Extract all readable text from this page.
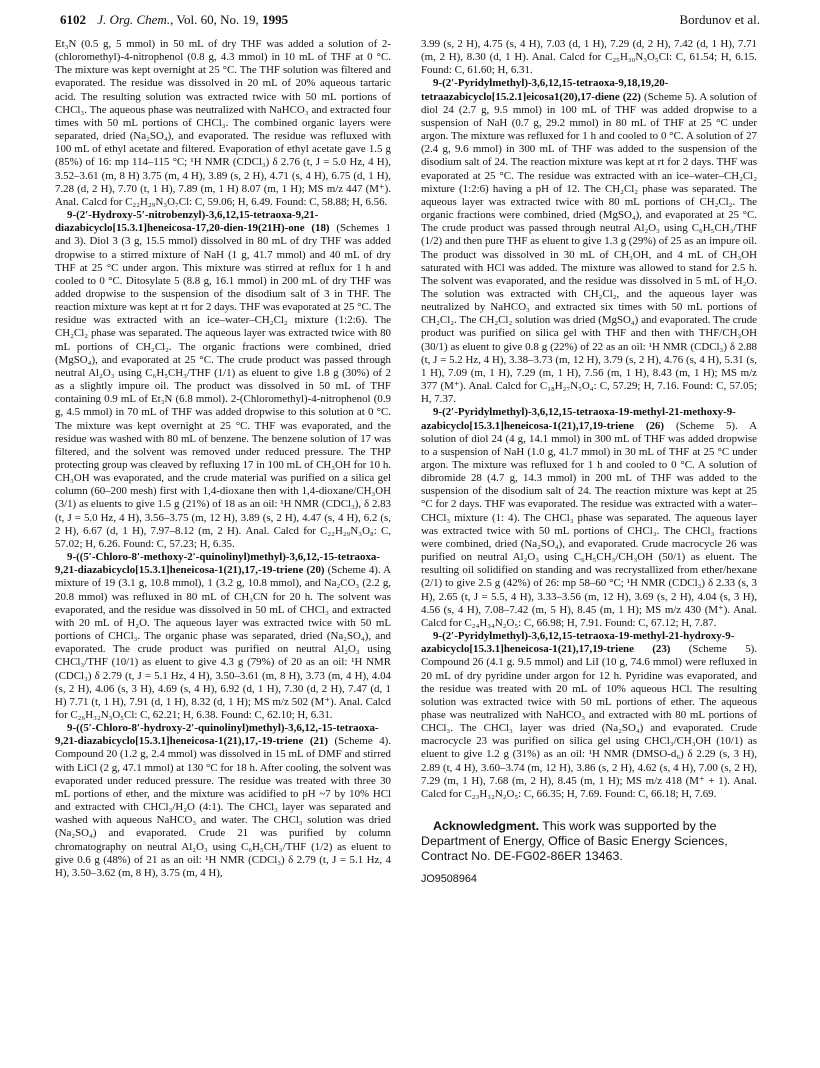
6102 J. Org. Chem., Vol. 60, No. 19, 1995	Bordunov et al.

Et₃N (0.5 g, 5 mmol) in 50 mL of dry THF was added a solution of 2-(chloromethyl)-4-nitrophenol (0.8 g, 4.3 mmol) in 10 mL of THF at 0 °C. The mixture was kept overnight at 25 °C. The THF solution was filtered and evaporated. The residue was dissolved in 20 mL of 20% aqueous tartaric acid. The resulting solution was extracted twice with 50 mL portions of CHCl₃. The aqueous phase was neutralized with NaHCO₃ and extracted four times with 50 mL portions of CHCl₃. The combined organic layers were separated, dried (Na₂SO₄), and evaporated. The residue was refluxed with 100 mL of ethyl acetate and filtered. Evaporation of ethyl acetate gave 1.5 g (85%) of 16: mp 114–115 °C; ¹H NMR (CDCl₃) δ 2.76 (t, J = 5.0 Hz, 4 H), 3.52–3.61 (m, 8 H) 3.75 (m, 4 H), 3.89 (s, 2 H), 4.71 (s, 4 H), 6.75 (d, 1 H), 7.28 (d, 2 H), 7.70 (t, 1 H), 7.89 (m, 1 H) 8.07 (m, 1 H); MS m/z 447 (M⁺). Anal. Calcd for C₂₂H₂₉N₃O₇Cl: C, 59.06; H, 6.49. Found: C, 58.88; H, 6.56.

9-(2′-Hydroxy-5′-nitrobenzyl)-3,6,12,15-tetraoxa-9,21-diazabicyclo[15.3.1]heneicosa-17,20-dien-19(21H)-one (18) (Schemes 1 and 3). Diol 3 (3 g, 15.5 mmol) dissolved in 80 mL of dry THF was added dropwise to a stirred mixture of NaH (1 g, 41.7 mmol) and 40 mL of dry THF at 25 °C under argon. This mixture was stirred at reflux for 1 h and cooled to 0 °C. Ditosylate 5 (8.8 g, 16.1 mmol) in 200 mL of dry THF was added dropwise to the suspension of the disodium salt of 3 in THF. The reaction mixture was kept at rt for 2 days. THF was evaporated at 25 °C. The residue was extracted with an ice–water–CH₂Cl₂ mixture (1:2:6). The CH₂Cl₂ phase was separated. The aqueous layer was extracted twice with 80 mL portions of CH₂Cl₂. The organic fractions were combined, dried (MgSO₄), and evaporated at 25 °C. The crude product was passed through neutral Al₂O₃ using C₆H₅CH₃/THF (1/1) as eluent to give 1.8 g (30%) of 2 as a slightly impure oil. The product was dissolved in 50 mL of THF containing 0.9 mL of Et₃N (6.8 mmol). 2-(Chloromethyl)-4-nitrophenol (0.9 g, 4.5 mmol) in 70 mL of THF was added dropwise to this solution at 0 °C. The mixture was kept overnight at 25 °C. THF was evaporated, and the residue was washed with 80 mL of benzene. The benzene solution of 17 was filtered, and the solvent was removed under reduced pressure. The THP protecting group was cleaved by refluxing 17 in 100 mL of CH₃OH for 10 h. CH₃OH was evaporated, and the crude material was purified on a silica gel column (60–200 mesh) first with 1,4-dioxane then with 1,4-dioxane/CH₃OH (3/1) as eluents to give 1.5 g (21%) of 18 as an oil: ¹H NMR (CDCl₃), δ 2.83 (t, J = 5.0 Hz, 4 H), 3.56–3.75 (m, 12 H), 3.89 (s, 2 H), 4.47 (s, 4 H), 6.2 (s, 2 H), 6.67 (d, 1 H), 7.97–8.12 (m, 2 H). Anal. Calcd for C₂₂H₂₉N₃O₈: C, 57.02; H, 6.26. Found: C, 57.23; H, 6.35.

9-((5′-Chloro-8′-methoxy-2′-quinolinyl)methyl)-3,6,12,-15-tetraoxa-9,21-diazabicyclo[15.3.1]heneicosa-1(21),17,-19-triene (20) (Scheme 4). A mixture of 19 (3.1 g, 10.8 mmol), 1 (3.2 g, 10.8 mmol), and Na₂CO₃ (2.2 g, 20.8 mmol) was refluxed in 80 mL of CH₃CN for 20 h. The solvent was evaporated, and the residue was dissolved in 50 mL of CHCl₃ and extracted with 20 mL of H₂O. The aqueous layer was extracted twice with 50 mL portions of CHCl₃. The organic phase was separated, dried (Na₂SO₄), and evaporated. The crude product was purified on neutral Al₂O₃ using CHCl₃/THF (10/1) as eluent to give 4.3 g (79%) of 20 as an oil: ¹H NMR (CDCl₃) δ 2.79 (t, J = 5.1 Hz, 4 H), 3.50–3.61 (m, 8 H), 3.73 (m, 4 H), 4.04 (s, 2 H), 4.06 (s, 3 H), 4.69 (s, 4 H), 6.92 (d, 1 H), 7.30 (d, 2 H), 7.47 (d, 1 H) 7.71 (t, 1 H), 7.91 (d, 1 H), 8.32 (d, 1 H); MS m/z 502 (M⁺). Anal. Calcd for C₂₆H₃₂N₃O₅Cl: C, 62.21; H, 6.38. Found: C, 62.10; H, 6.31.

9-((5′-Chloro-8′-hydroxy-2′-quinolinyl)methyl)-3,6,12,-15-tetraoxa-9,21-diazabicyclo[15.3.1]heneicosa-1(21),17,-19-triene (21) (Scheme 4). Compound 20 (1.2 g, 2.4 mmol) was dissolved in 15 mL of DMF and stirred with LiCl (2 g, 47.1 mmol) at 130 °C for 18 h. After cooling, the solvent was evaporated under reduced pressure. The residue was treated with three 30 mL portions of ether, and the mixture was acidified to pH ~7 by 10% HCl and extracted with CHCl₃/H₂O (4:1). The CHCl₃ layer was separated and washed with aqueous NaHCO₃ and water. The CHCl₃ solution was dried (Na₂SO₄) and evaporated. Crude 21 was purified by column chromatography on neutral Al₂O₃ using C₆H₅CH₃/THF (1/2) as eluent to give 0.6 g (48%) of 21 as an oil: ¹H NMR (CDCl₃) δ 2.79 (t, J = 5.1 Hz, 4 H), 3.50–3.62 (m, 8 H), 3.75 (m, 4 H),

3.99 (s, 2 H), 4.75 (s, 4 H), 7.03 (d, 1 H), 7.29 (d, 2 H), 7.42 (d, 1 H), 7.71 (m, 2 H), 8.30 (d, 1 H). Anal. Calcd for C₂₅H₃₀N₃O₅Cl: C, 61.54; H, 6.15. Found: C, 61.60; H, 6.31.

9-(2′-Pyridylmethyl)-3,6,12,15-tetraoxa-9,18,19,20-tetraazabicyclo[15.2.1]eicosa1(20),17-diene (22) (Scheme 5). A solution of diol 24 (2.7 g, 9.5 mmol) in 100 mL of THF was added dropwise to a suspension of NaH (0.7 g, 29.2 mmol) in 80 mL of THF at 25 °C under argon. The mixture was refluxed for 1 h and cooled to 0 °C. A solution of 27 (2.4 g, 9.6 mmol) in 300 mL of THF was added to the suspension of the disodium salt of 24. The reaction mixture was kept at rt for 2 days. THF was evaporated at 25 °C. The residue was extracted with an ice–water–CH₂Cl₂ mixture (1:2:6) having a pH of 12. The CH₂Cl₂ phase was separated. The aqueous layer was extracted twice with 80 mL portions of CH₂Cl₂. The organic fractions were combined, dried (MgSO₄), and evaporated at 25 °C. The crude product was passed through neutral Al₂O₃ using C₆H₅CH₃/THF (1/2) and then pure THF as eluent to give 1.3 g (29%) of 25 as an impure oil. The product was dissolved in 30 mL of CH₃OH, and 4 mL of CH₃OH saturated with HCl was added. The mixture was allowed to stand for 2.5 h. The solvent was evaporated, and the residue was dissolved in 5 mL of H₂O. The solution was extracted with CH₂Cl₂, and the aqueous layer was neutralized by NaHCO₃ and extracted six times with 50 mL portions of CH₂Cl₂. The CH₂Cl₂ solution was dried (MgSO₄) and evaporated. The crude product was purified on silica gel with THF and then with THF/CH₃OH (30/1) as eluent to give 0.8 g (22%) of 22 as an oil: ¹H NMR (CDCl₃) δ 2.88 (t, J = 5.2 Hz, 4 H), 3.38–3.73 (m, 12 H), 3.79 (s, 2 H), 4.76 (s, 4 H), 5.31 (s, 1 H), 7.09 (m, 1 H), 7.29 (m, 1 H), 7.56 (m, 1 H), 8.43 (m, 1 H); MS m/z 377 (M⁺). Anal. Calcd for C₁₈H₂₇N₅O₄: C, 57.29; H, 7.16. Found: C, 57.05; H, 7.37.

9-(2′-Pyridylmethyl)-3,6,12,15-tetraoxa-19-methyl-21-methoxy-9-azabicyclo[15.3.1]heneicosa-1(21),17,19-triene (26) (Scheme 5). A solution of diol 24 (4 g, 14.1 mmol) in 300 mL of THF was added dropwise to a suspension of NaH (1.0 g, 41.7 mmol) in 30 mL of THF at 25 °C under argon. The mixture was refluxed for 1 h and cooled to 0 °C. A solution of dibromide 28 (4.7 g, 14.3 mmol) in 200 mL of THF was added to the suspension of the disodium salt of 24. The reaction mixture was kept at 25 °C for 2 days. THF was evaporated. The residue was extracted with a water–CHCl₃ mixture (1: 4). The CHCl₃ phase was separated. The aqueous layer was extracted twice with 50 mL portions of CHCl₃. The CHCl₃ fractions were combined, dried (Na₂SO₄), and evaporated. Crude macrocycle 26 was purified on neutral Al₂O₃ using C₆H₅CH₃/CH₃OH (50/1) as eluent. The resulting oil solidified on standing and was recrystallized from ether/hexane (2/1) to give 2.5 g (42%) of 26: mp 58–60 °C; ¹H NMR (CDCl₃) δ 2.33 (s, 3 H), 2.65 (t, J = 5.5, 4 H), 3.33–3.56 (m, 12 H), 3.69 (s, 2 H), 4.04 (s, 3 H), 4.56 (s, 4 H), 7.08–7.42 (m, 5 H), 8.45 (m, 1 H); MS m/z 430 (M⁺). Anal. Calcd for C₂₄H₃₄N₂O₅: C, 66.98; H, 7.91. Found: C, 67.12; H, 7.87.

9-(2′-Pyridylmethyl)-3,6,12,15-tetraoxa-19-methyl-21-hydroxy-9-azabicyclo[15.3.1]heneicosa-1(21),17,19-triene (23) (Scheme 5). Compound 26 (4.1 g. 9.5 mmol) and LiI (10 g, 74.6 mmol) were refluxed in 20 mL of dry pyridine under argon for 12 h. Pyridine was evaporated, and the residue was treated with 20 mL of 10% aqueous HCl. The resulting solution was extracted twice with 50 mL portions of ether. The aqueous phase was neutralized with NaHCO₃ and extracted with 80 mL portions of CHCl₃. The CHCl₃ layer was dried (Na₂SO₄) and evaporated. Crude macrocycle 23 was purified on silica gel using CHCl₃/CH₃OH (10/1) as eluent to give 1.2 g (31%) as an oil: ¹H NMR (DMSO-d₆) δ 2.29 (s, 3 H), 2.89 (t, 4 H), 3.60–3.74 (m, 12 H), 3.86 (s, 2 H), 4.62 (s, 4 H), 7.00 (s, 2 H), 7.29 (m, 1 H), 7.68 (m, 2 H), 8.45 (m, 1 H); MS m/z 418 (M⁺ + 1). Anal. Calcd for C₂₃H₃₂N₂O₅: C, 66.35; H, 7.69. Found: C, 66.18; H, 7.69.

Acknowledgment. This work was supported by the Department of Energy, Office of Basic Energy Sciences, Contract No. DE-FG02-86ER 13463.

JO9508964
